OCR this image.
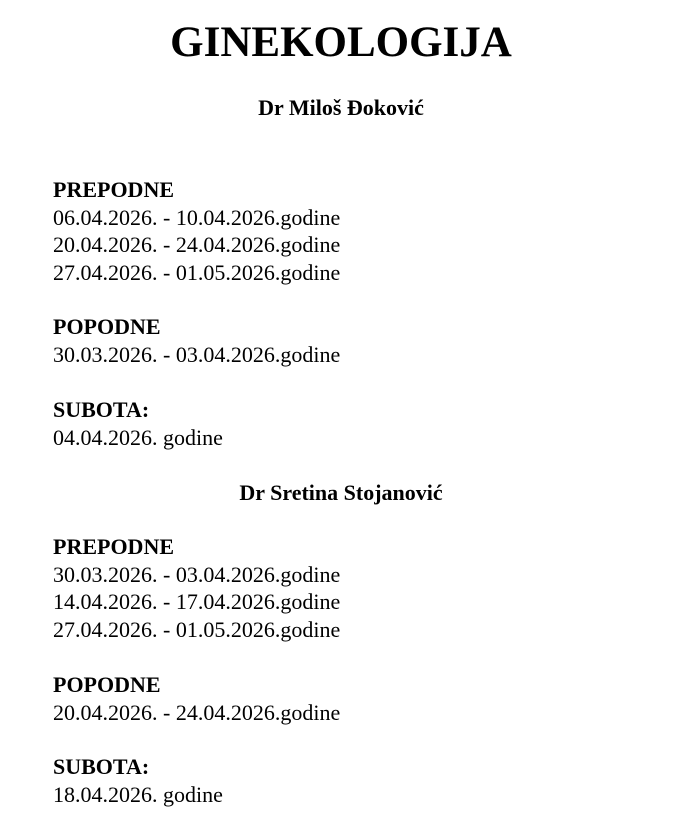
GINEKOLOGIJA
Dr Miloš Đoković
PREPODNE
06.04.2026. - 10.04.2026.godine
20.04.2026. - 24.04.2026.godine
27.04.2026. - 01.05.2026.godine
POPODNE
30.03.2026. - 03.04.2026.godine
SUBOTA:
04.04.2026. godine
Dr Sretina Stojanović
PREPODNE
30.03.2026. - 03.04.2026.godine
14.04.2026. - 17.04.2026.godine
27.04.2026. - 01.05.2026.godine
POPODNE
20.04.2026. - 24.04.2026.godine
SUBOTA:
18.04.2026. godine
